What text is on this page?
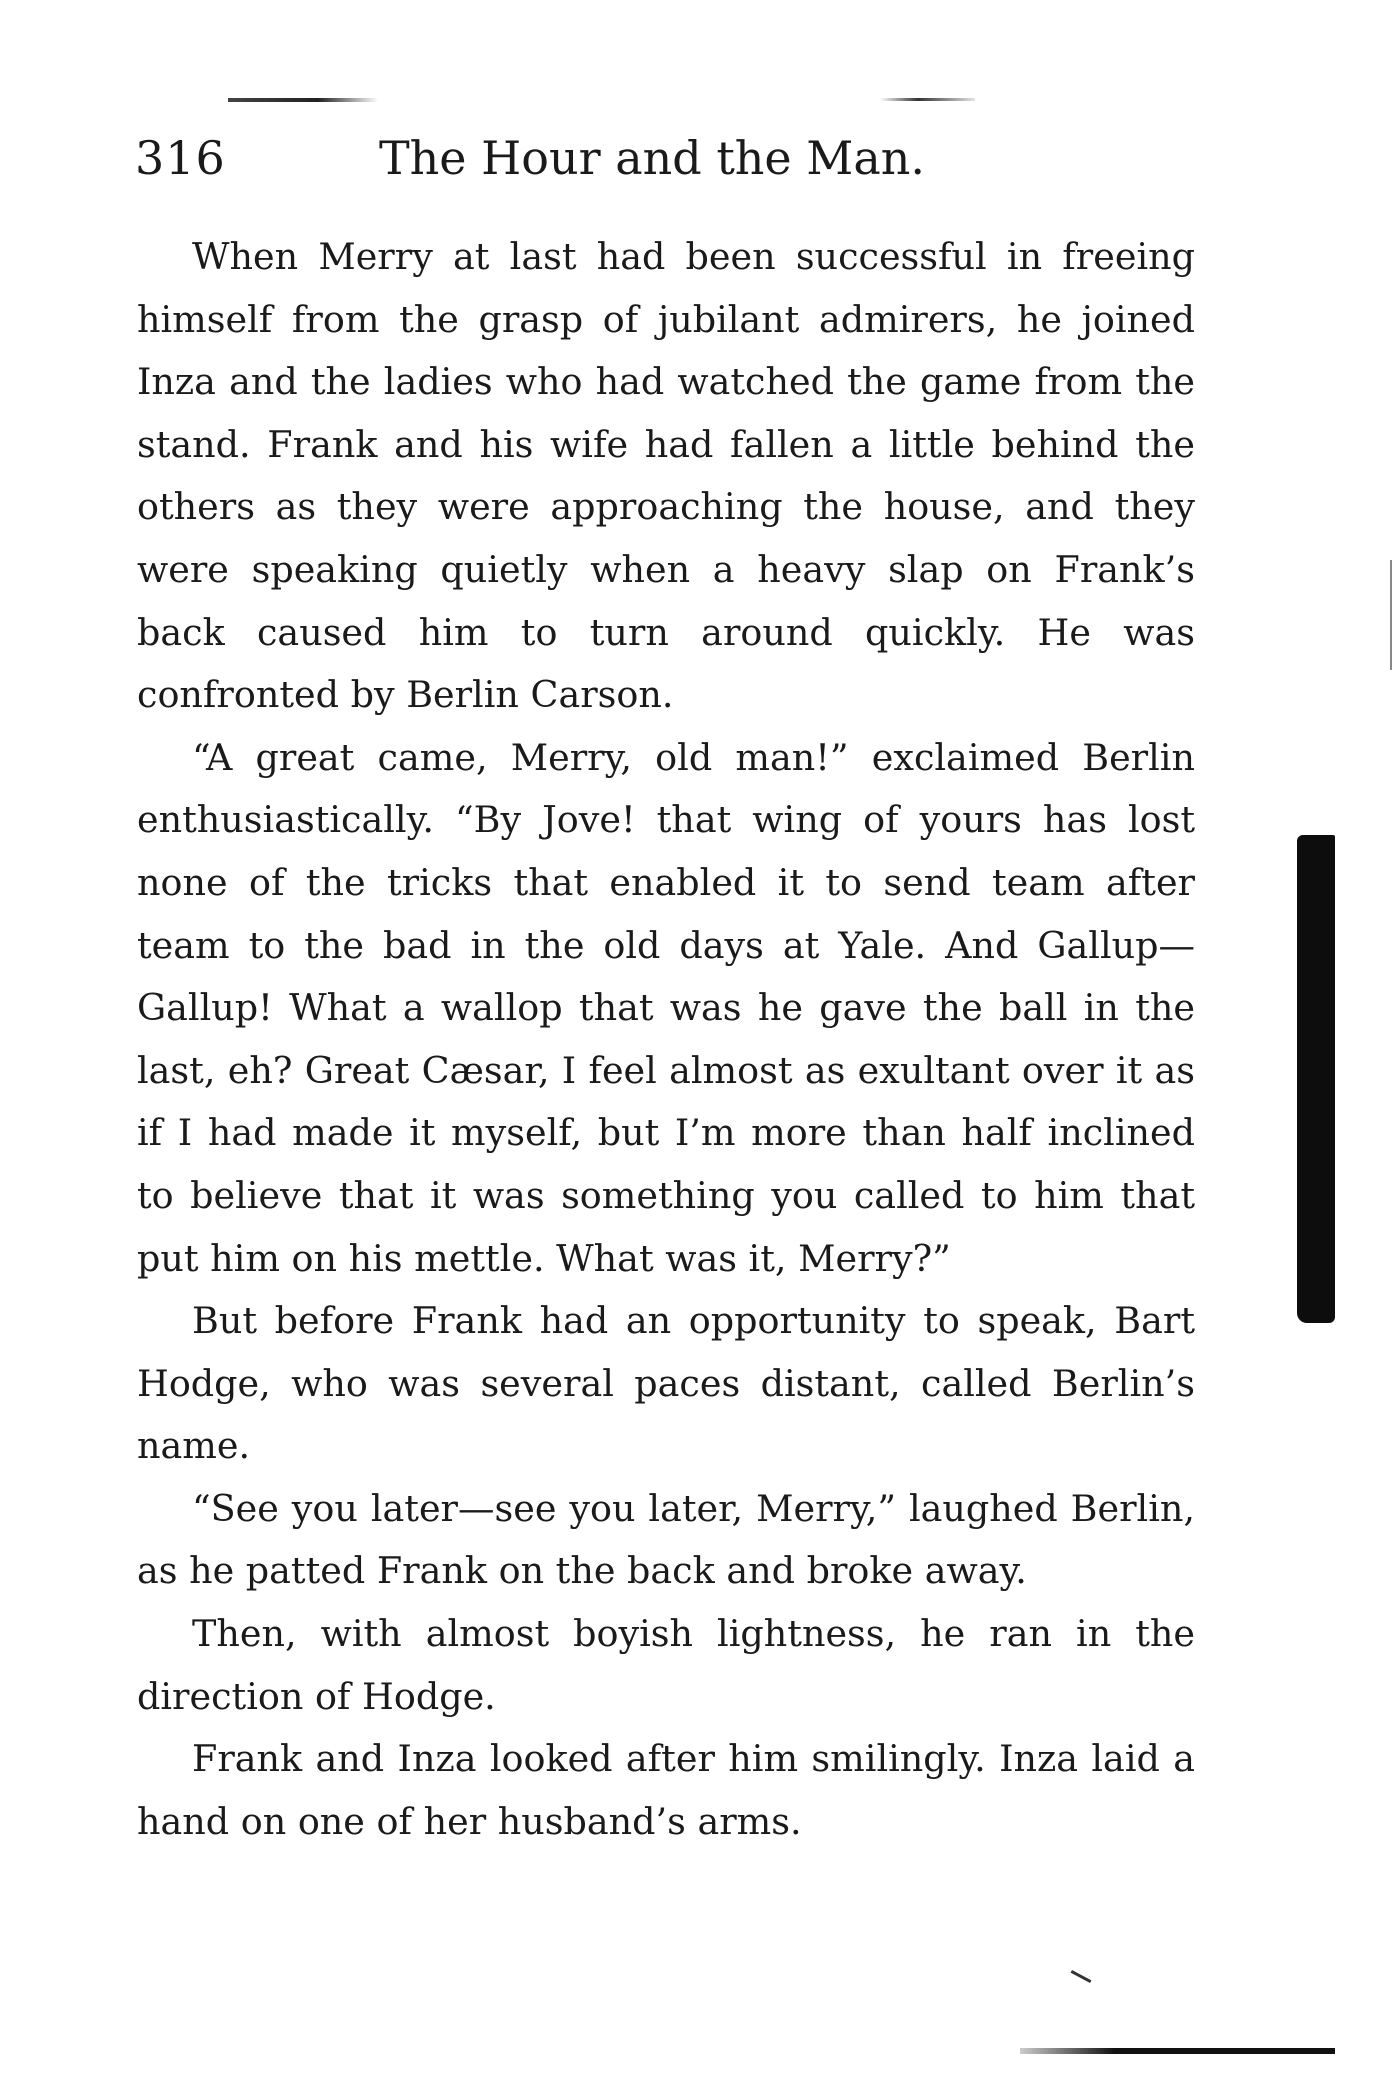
316	The Hour and the Man.

When Merry at last had been successful in freeing himself from the grasp of jubilant admirers, he joined Inza and the ladies who had watched the game from the stand. Frank and his wife had fallen a little behind the others as they were approaching the house, and they were speaking quietly when a heavy slap on Frank’s back caused him to turn around quickly. He was confronted by Berlin Carson.

“A great came, Merry, old man!” exclaimed Berlin enthusiastically. “By Jove! that wing of yours has lost none of the tricks that enabled it to send team after team to the bad in the old days at Yale. And Gallup—Gallup! What a wallop that was he gave the ball in the last, eh? Great Cæsar, I feel almost as exultant over it as if I had made it myself, but I’m more than half inclined to believe that it was something you called to him that put him on his mettle. What was it, Merry?”

But before Frank had an opportunity to speak, Bart Hodge, who was several paces distant, called Berlin’s name.

“See you later—see you later, Merry,” laughed Berlin, as he patted Frank on the back and broke away.

Then, with almost boyish lightness, he ran in the direction of Hodge.

Frank and Inza looked after him smilingly. Inza laid a hand on one of her husband’s arms.
